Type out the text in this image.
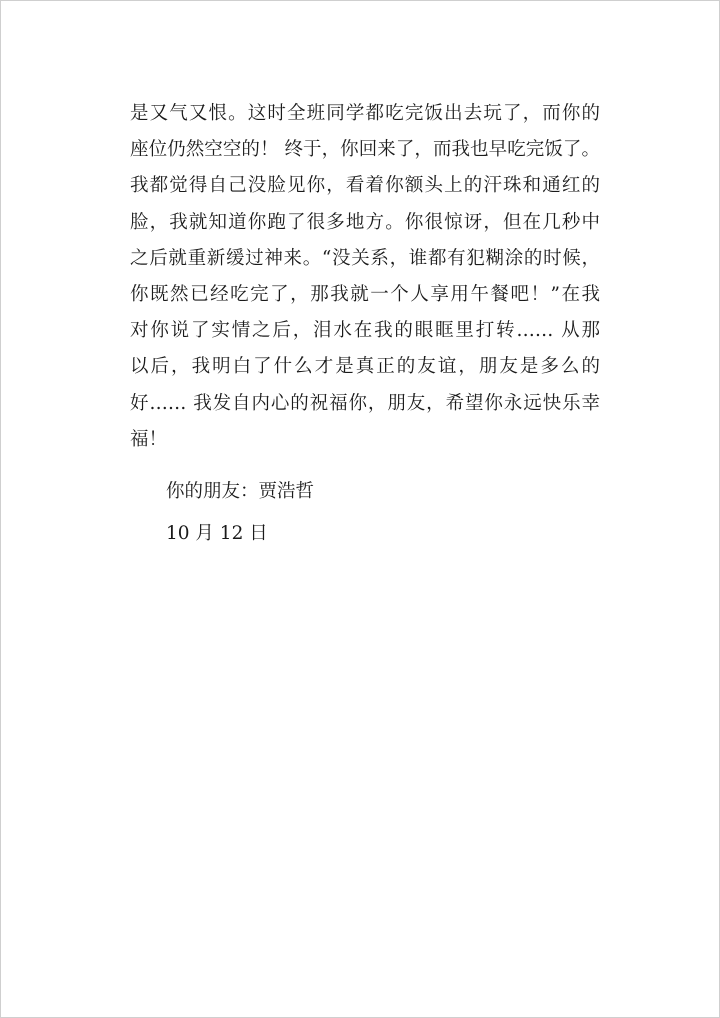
是又气又恨。这时全班同学都吃完饭出去玩了，而你的

座位仍然空空的！ 终于，你回来了，而我也早吃完饭了。

我都觉得自己没脸见你，看着你额头上的汗珠和通红的

脸，我就知道你跑了很多地方。你很惊讶，但在几秒中

之后就重新缓过神来。“没关系，谁都有犯糊涂的时候，

你既然已经吃完了，那我就一个人享用午餐吧！”在我

对你说了实情之后，泪水在我的眼眶里打转…… 从那

以后，我明白了什么才是真正的友谊，朋友是多么的

好…… 我发自内心的祝福你，朋友，希望你永远快乐幸

福！

你的朋友：贾浩哲

10 月 12 日
